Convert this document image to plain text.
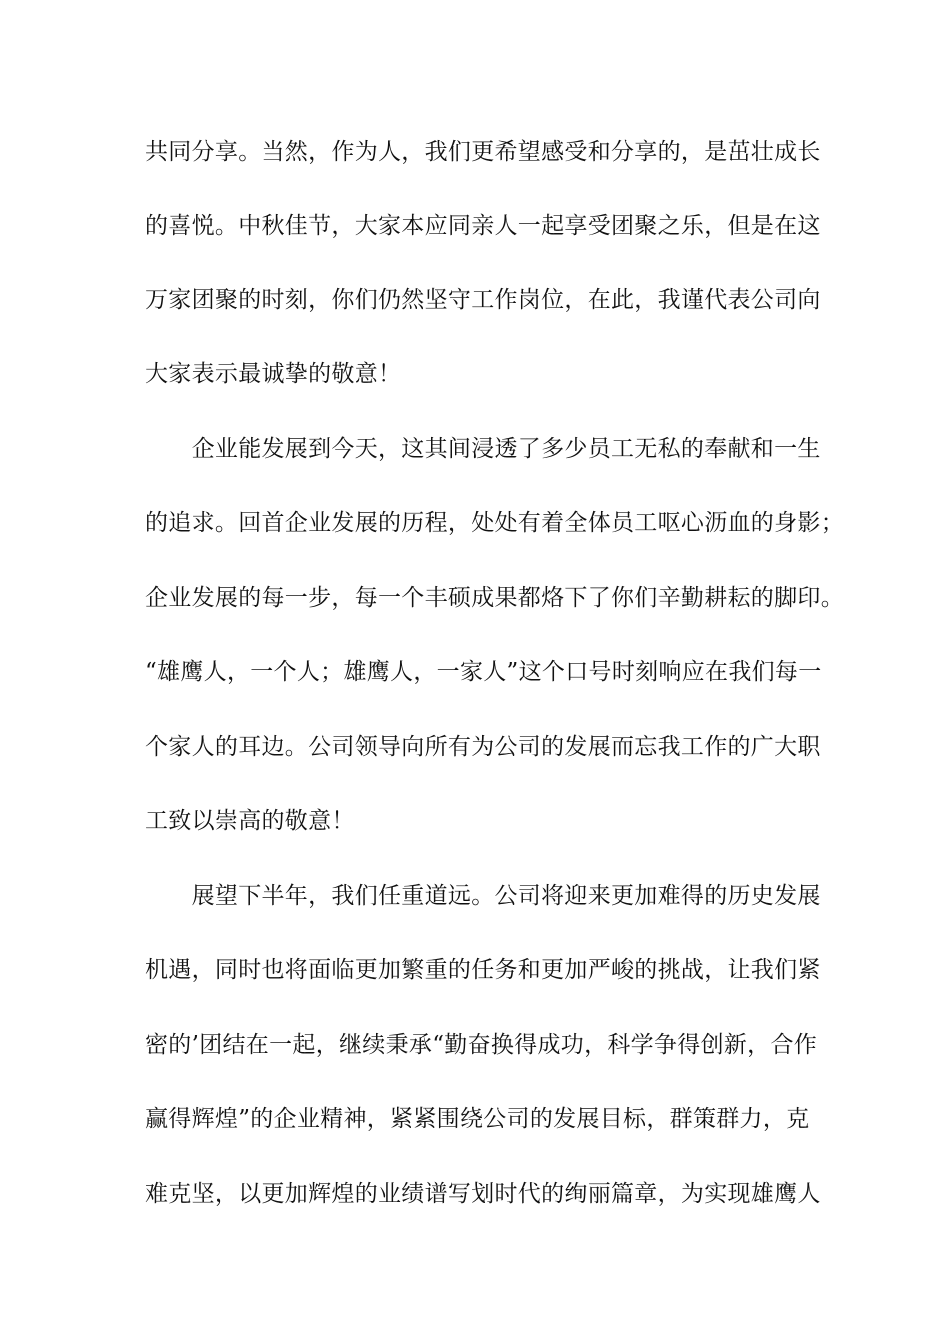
共同分享。当然，作为人，我们更希望感受和分享的，是茁壮成长
的喜悦。中秋佳节，大家本应同亲人一起享受团聚之乐，但是在这
万家团聚的时刻，你们仍然坚守工作岗位，在此，我谨代表公司向
大家表示最诚挚的敬意！
　　企业能发展到今天，这其间浸透了多少员工无私的奉献和一生
的追求。回首企业发展的历程，处处有着全体员工呕心沥血的身影；
企业发展的每一步，每一个丰硕成果都烙下了你们辛勤耕耘的脚印。
“雄鹰人，一个人；雄鹰人，一家人”这个口号时刻响应在我们每一
个家人的耳边。公司领导向所有为公司的发展而忘我工作的广大职
工致以崇高的敬意！
　　展望下半年，我们任重道远。公司将迎来更加难得的历史发展
机遇，同时也将面临更加繁重的任务和更加严峻的挑战，让我们紧
密的’团结在一起，继续秉承“勤奋换得成功，科学争得创新，合作
赢得辉煌”的企业精神，紧紧围绕公司的发展目标，群策群力，克
难克坚，以更加辉煌的业绩谱写划时代的绚丽篇章，为实现雄鹰人
